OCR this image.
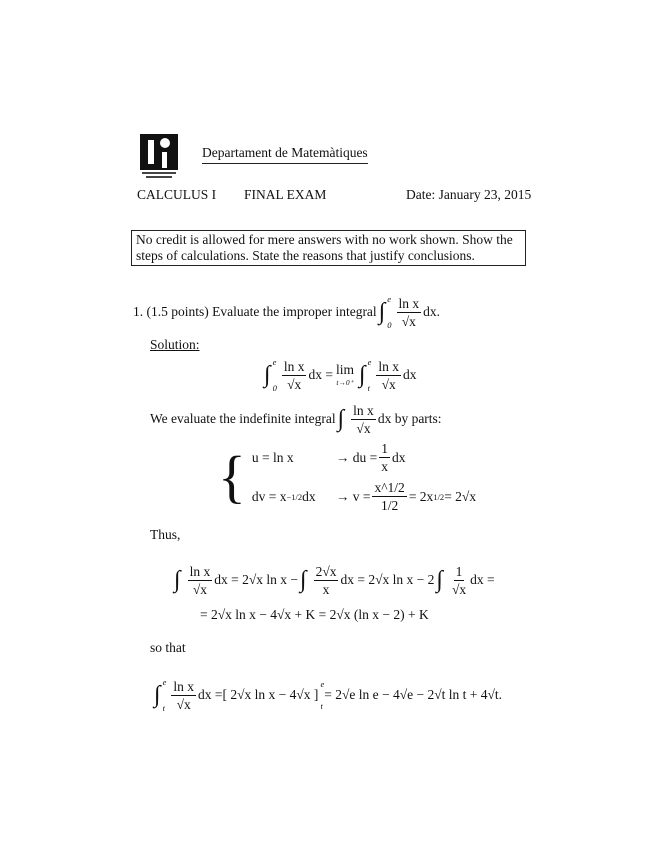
Departament de Matemàtiques
CALCULUS I FINAL EXAM	Date: January 23, 2015
No credit is allowed for mere answers with no work shown. Show the steps of calculations. State the reasons that justify conclusions.
1. (1.5 points) Evaluate the improper integral ∫ e
$0 \frac{\text{ln x}}{√x}$ dx.
Solution:
∫ e
$0 \frac{\text{ln x}}{√x}$ dx = lim
t→0⁺ ∫ e
t $\frac{\text{ln x}}{√x}$ dx
We evaluate the indefinite integral ∫ $\frac{\text{ln x}}{√x}$ dx by parts:
{ u = ln x	→ du = $\frac{1}{x}$ dx
dv = x −1/2 dx → $v = \frac{x\^{}1/2}{1/2} = 2x$ 1/2 = 2√x
Thus,
∫ $\frac{\text{ln x}}{√x}$ dx = 2√x ln x − ∫ $\frac{2√x}{x}$ dx = 2√x ln x − 2 ∫ $\frac{1}{√x}$ dx =
= 2√x ln x − 4√x + K = 2√x (ln x − 2) + K
so that
∫ e
t $\frac{\text{ln x}}{√x}$ dx = [ 2√x ln x − 4√x ]
e
t
= 2√e ln e − 4√e − 2√t ln t + 4√t.
